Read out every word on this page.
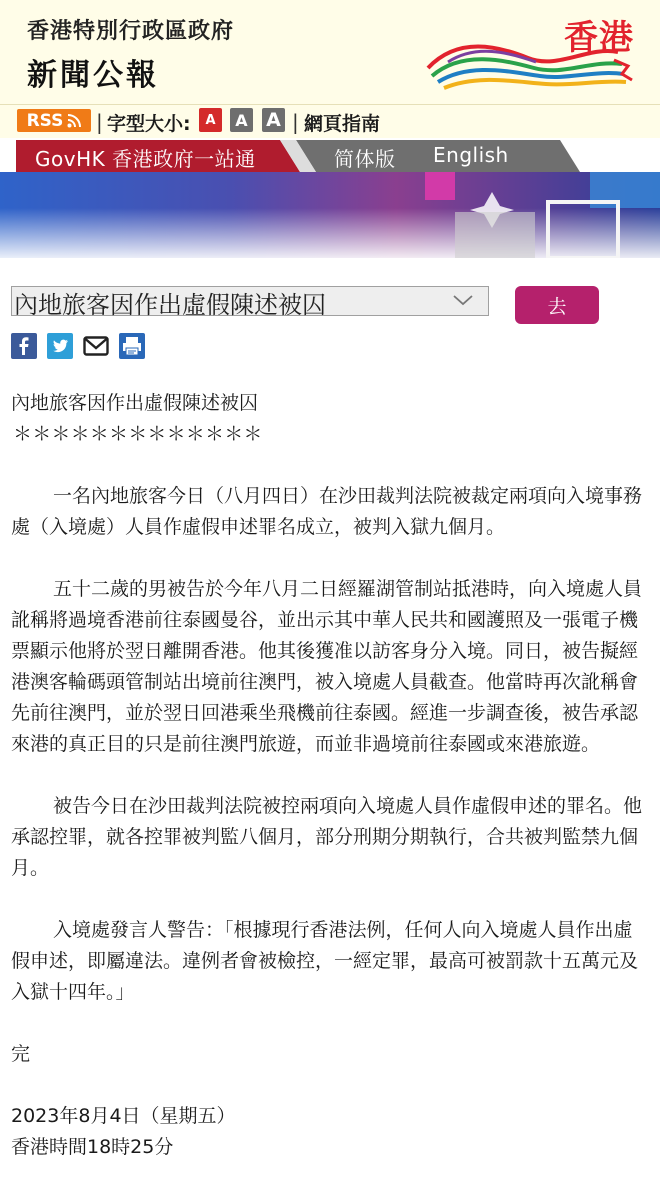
香港特別行政區政府
新聞公報
香港
RSS | 字型大小:	A	A A | 網頁指南
GovHK 香港政府一站通	简体版 English
內地旅客因作出虛假陳述被囚	去

內地旅客因作出虛假陳述被囚

＊＊＊＊＊＊＊＊＊＊＊＊＊

一名內地旅客今日（八月四日）在沙田裁判法院被裁定兩項向入境事務處（入境處）人員作虛假申述罪名成立，被判入獄九個月。

五十二歲的男被告於今年八月二日經羅湖管制站抵港時，向入境處人員訛稱將過境香港前往泰國曼谷，並出示其中華人民共和國護照及一張電子機票顯示他將於翌日離開香港。他其後獲准以訪客身分入境。同日，被告擬經港澳客輪碼頭管制站出境前往澳門，被入境處人員截查。他當時再次訛稱會先前往澳門，並於翌日回港乘坐飛機前往泰國。經進一步調查後，被告承認來港的真正目的只是前往澳門旅遊，而並非過境前往泰國或來港旅遊。

被告今日在沙田裁判法院被控兩項向入境處人員作虛假申述的罪名。他承認控罪，就各控罪被判監八個月，部分刑期分期執行，合共被判監禁九個月。

入境處發言人警告：「根據現行香港法例，任何人向入境處人員作出虛假申述，即屬違法。違例者會被檢控，一經定罪，最高可被罰款十五萬元及入獄十四年。」

完

2023年8月4日（星期五）

香港時間18時25分
